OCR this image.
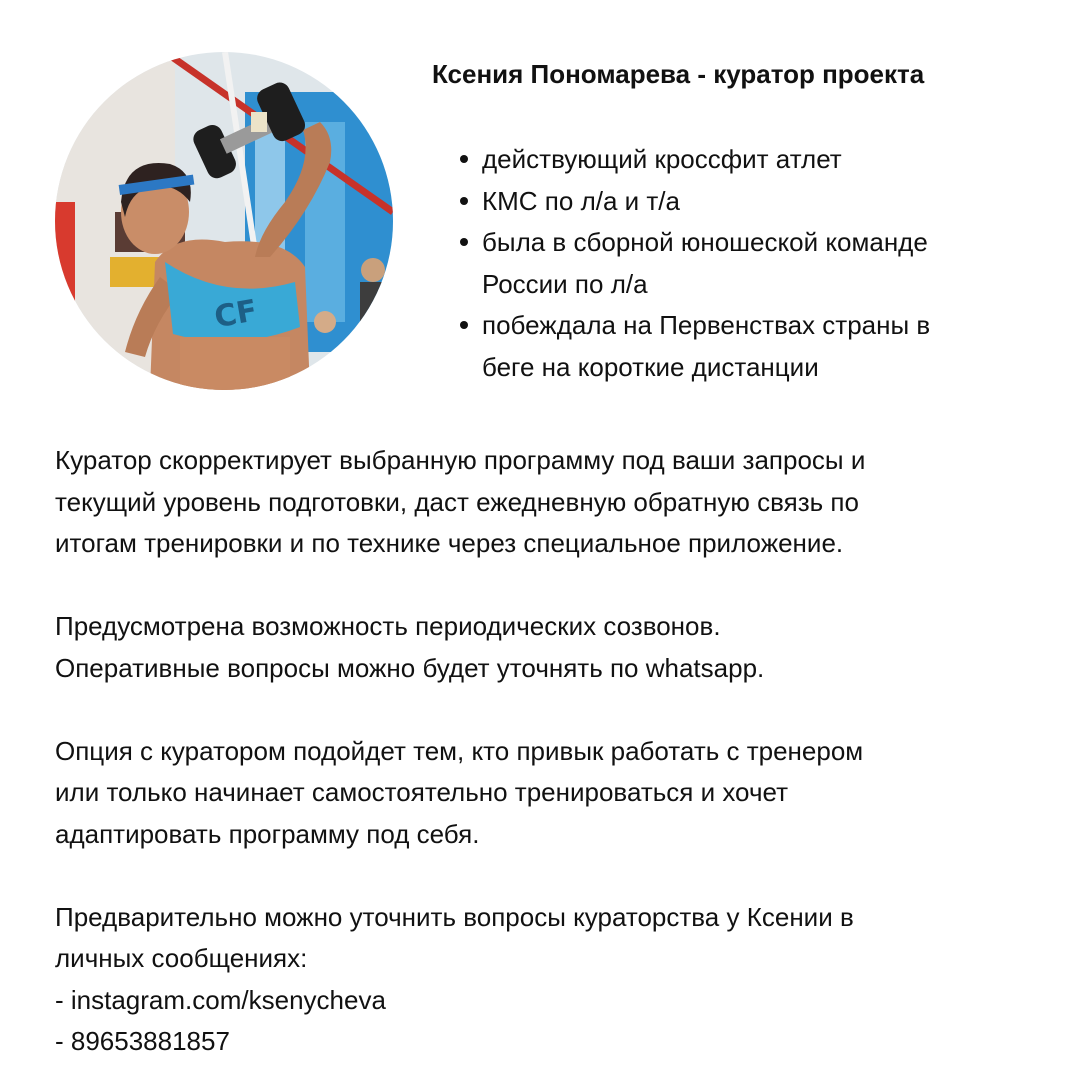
CF
Ксения Пономарева - куратор проекта
действующий кроссфит атлет
КМС по л/а и т/а
была в сборной юношеской команде
России по л/а
побеждала на Первенствах страны в
беге на короткие дистанции

Куратор скорректирует выбранную программу под ваши запросы и
текущий уровень подготовки, даст ежедневную обратную связь по
итогам тренировки и по технике через специальное приложение.

Предусмотрена возможность периодических созвонов.
Оперативные вопросы можно будет уточнять по whatsapp.

Опция с куратором подойдет тем, кто привык работать с тренером
или только начинает самостоятельно тренироваться и хочет
адаптировать программу под себя.

Предварительно можно уточнить вопросы кураторства у Ксении в
личных сообщениях:
- instagram.com/ksenycheva
- 89653881857
